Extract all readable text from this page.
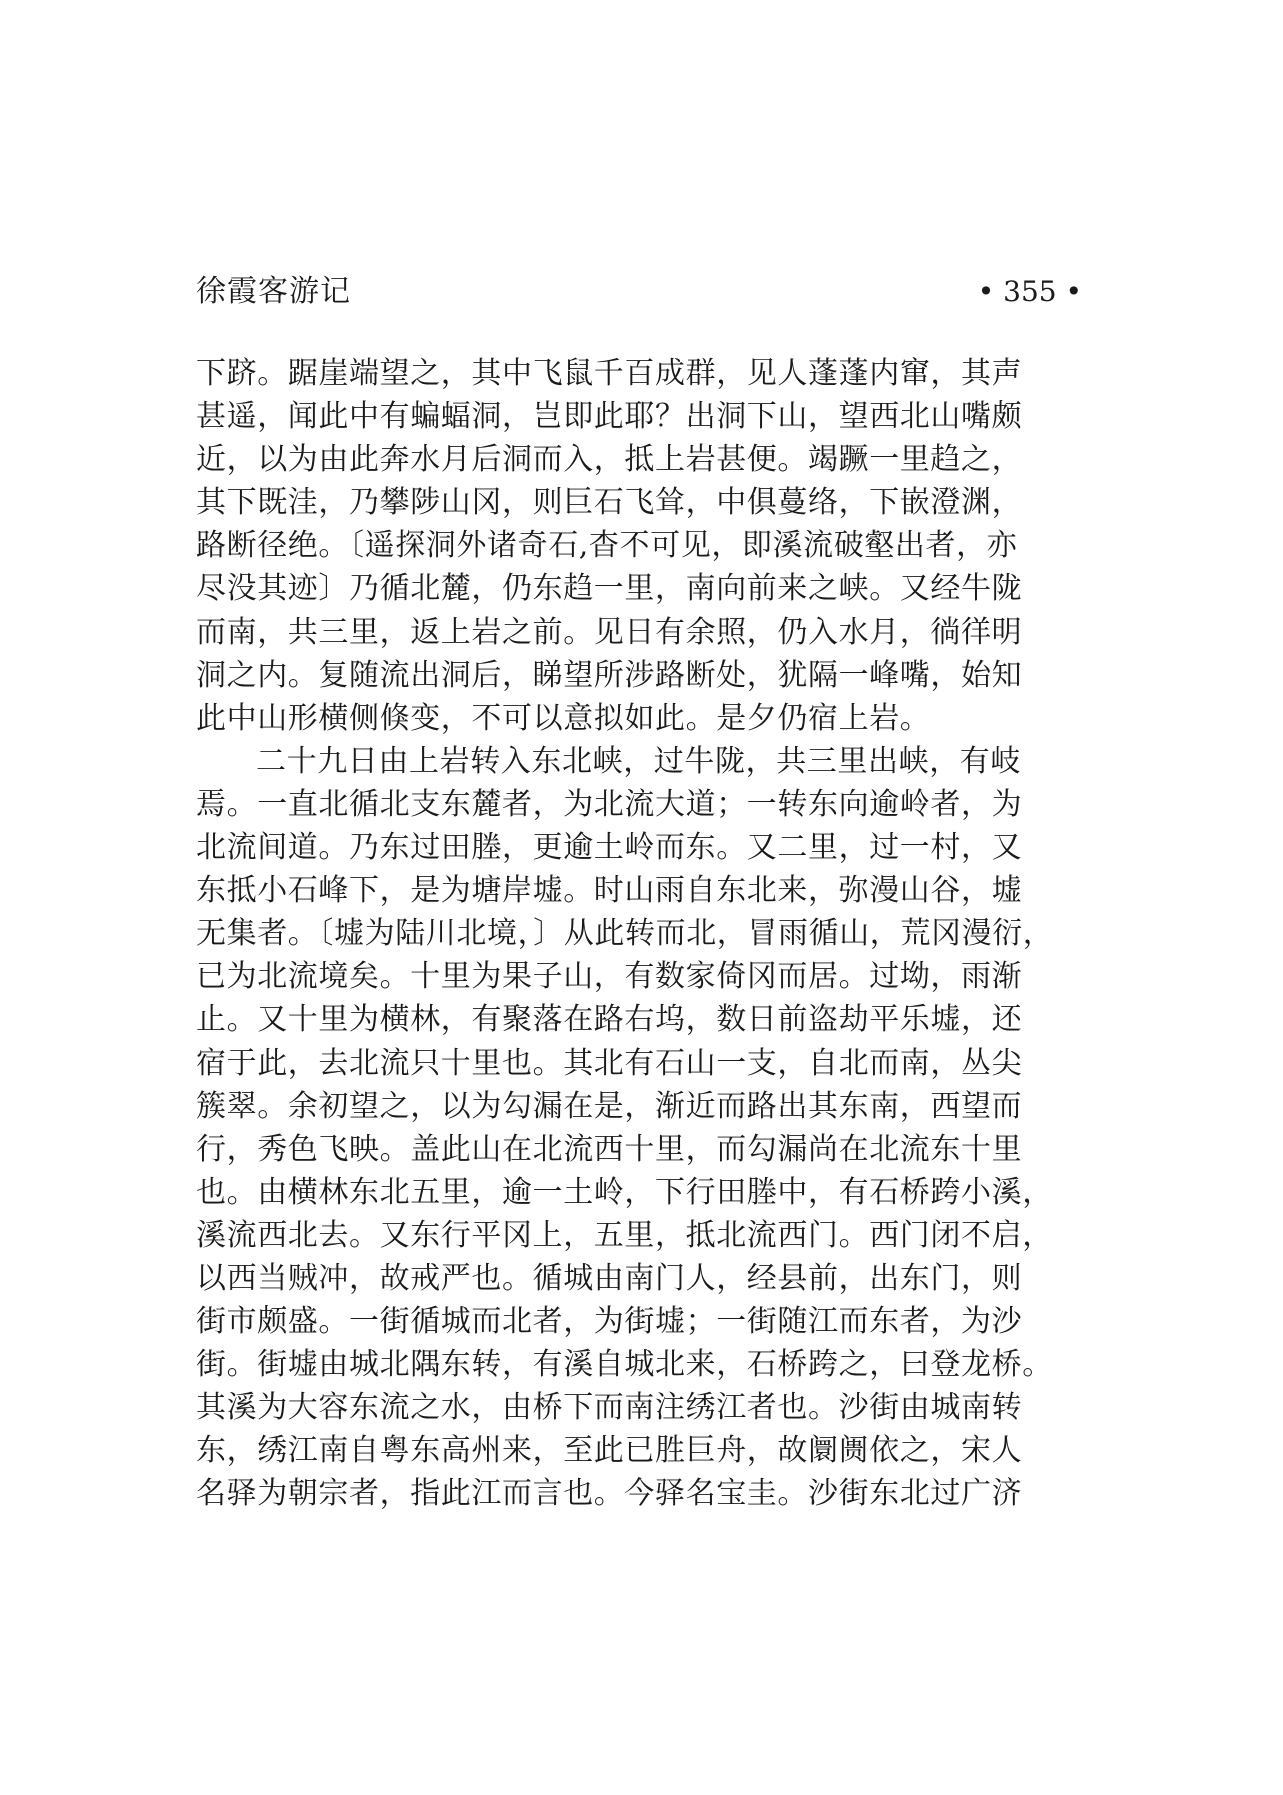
徐霞客游记	• 355 •
下跻。踞崖端望之，其中飞鼠千百成群，见人蓬蓬内窜，其声
甚遥，闻此中有蝙蝠洞，岂即此耶？出洞下山，望西北山嘴颇
近，以为由此奔水月后洞而入，抵上岩甚便。竭蹶一里趋之，
其下既洼，乃攀陟山冈，则巨石飞耸，中俱蔓络，下嵌澄渊，
路断径绝。〔遥探洞外诸奇石,杳不可见，即溪流破壑出者，亦
尽没其迹〕乃循北麓，仍东趋一里，南向前来之峡。又经牛陇
而南，共三里，返上岩之前。见日有余照，仍入水月，徜徉明
洞之内。复随流出洞后，睇望所涉路断处，犹隔一峰嘴，始知
此中山形横侧倏变，不可以意拟如此。是夕仍宿上岩。
二十九日由上岩转入东北峡，过牛陇，共三里出峡，有岐
焉。一直北循北支东麓者，为北流大道；一转东向逾岭者，为
北流间道。乃东过田塍，更逾土岭而东。又二里，过一村，又
东抵小石峰下，是为塘岸墟。时山雨自东北来，弥漫山谷，墟
无集者。〔墟为陆川北境，〕从此转而北，冒雨循山，荒冈漫衍，
已为北流境矣。十里为果子山，有数家倚冈而居。过坳，雨渐
止。又十里为横林，有聚落在路右坞，数日前盗劫平乐墟，还
宿于此，去北流只十里也。其北有石山一支，自北而南，丛尖
簇翠。余初望之，以为勾漏在是，渐近而路出其东南，西望而
行，秀色飞映。盖此山在北流西十里，而勾漏尚在北流东十里
也。由横林东北五里，逾一土岭，下行田塍中，有石桥跨小溪，
溪流西北去。又东行平冈上，五里，抵北流西门。西门闭不启，
以西当贼冲，故戒严也。循城由南门人，经县前，出东门，则
街市颇盛。一街循城而北者，为街墟；一街随江而东者，为沙
街。街墟由城北隅东转，有溪自城北来，石桥跨之，曰登龙桥。
其溪为大容东流之水，由桥下而南注绣江者也。沙街由城南转
东，绣江南自粤东高州来，至此已胜巨舟，故阛阓依之，宋人
名驿为朝宗者，指此江而言也。今驿名宝圭。沙街东北过广济
